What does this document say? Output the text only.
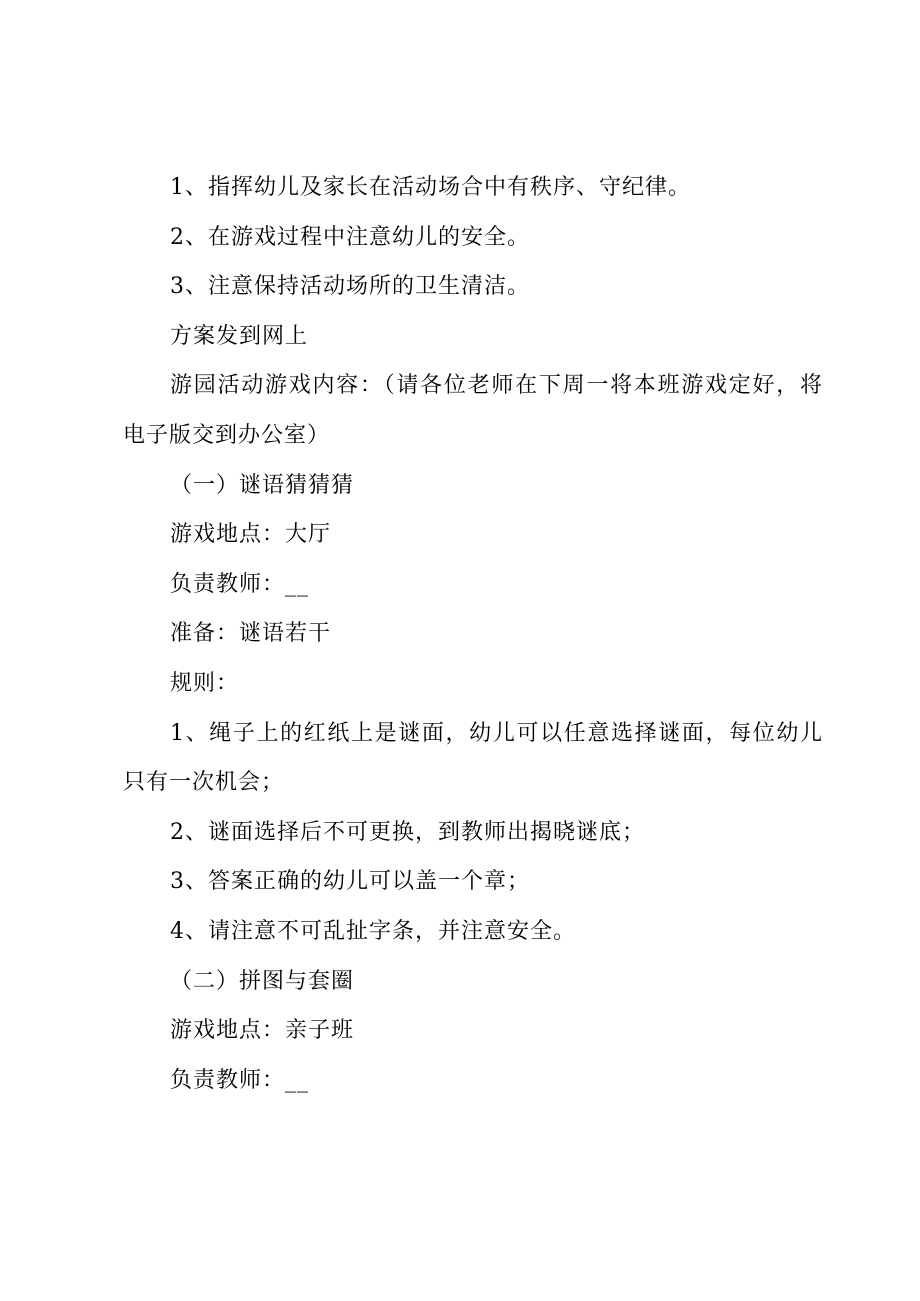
1、指挥幼儿及家长在活动场合中有秩序、守纪律。

2、在游戏过程中注意幼儿的安全。

3、注意保持活动场所的卫生清洁。

方案发到网上

游园活动游戏内容：（请各位老师在下周一将本班游戏定好，将电子版交到办公室）

（一）谜语猜猜猜

游戏地点：大厅

负责教师：__

准备：谜语若干

规则：

1、绳子上的红纸上是谜面，幼儿可以任意选择谜面，每位幼儿只有一次机会；

2、谜面选择后不可更换，到教师出揭晓谜底；

3、答案正确的幼儿可以盖一个章；

4、请注意不可乱扯字条，并注意安全。

（二）拼图与套圈

游戏地点：亲子班

负责教师：__
